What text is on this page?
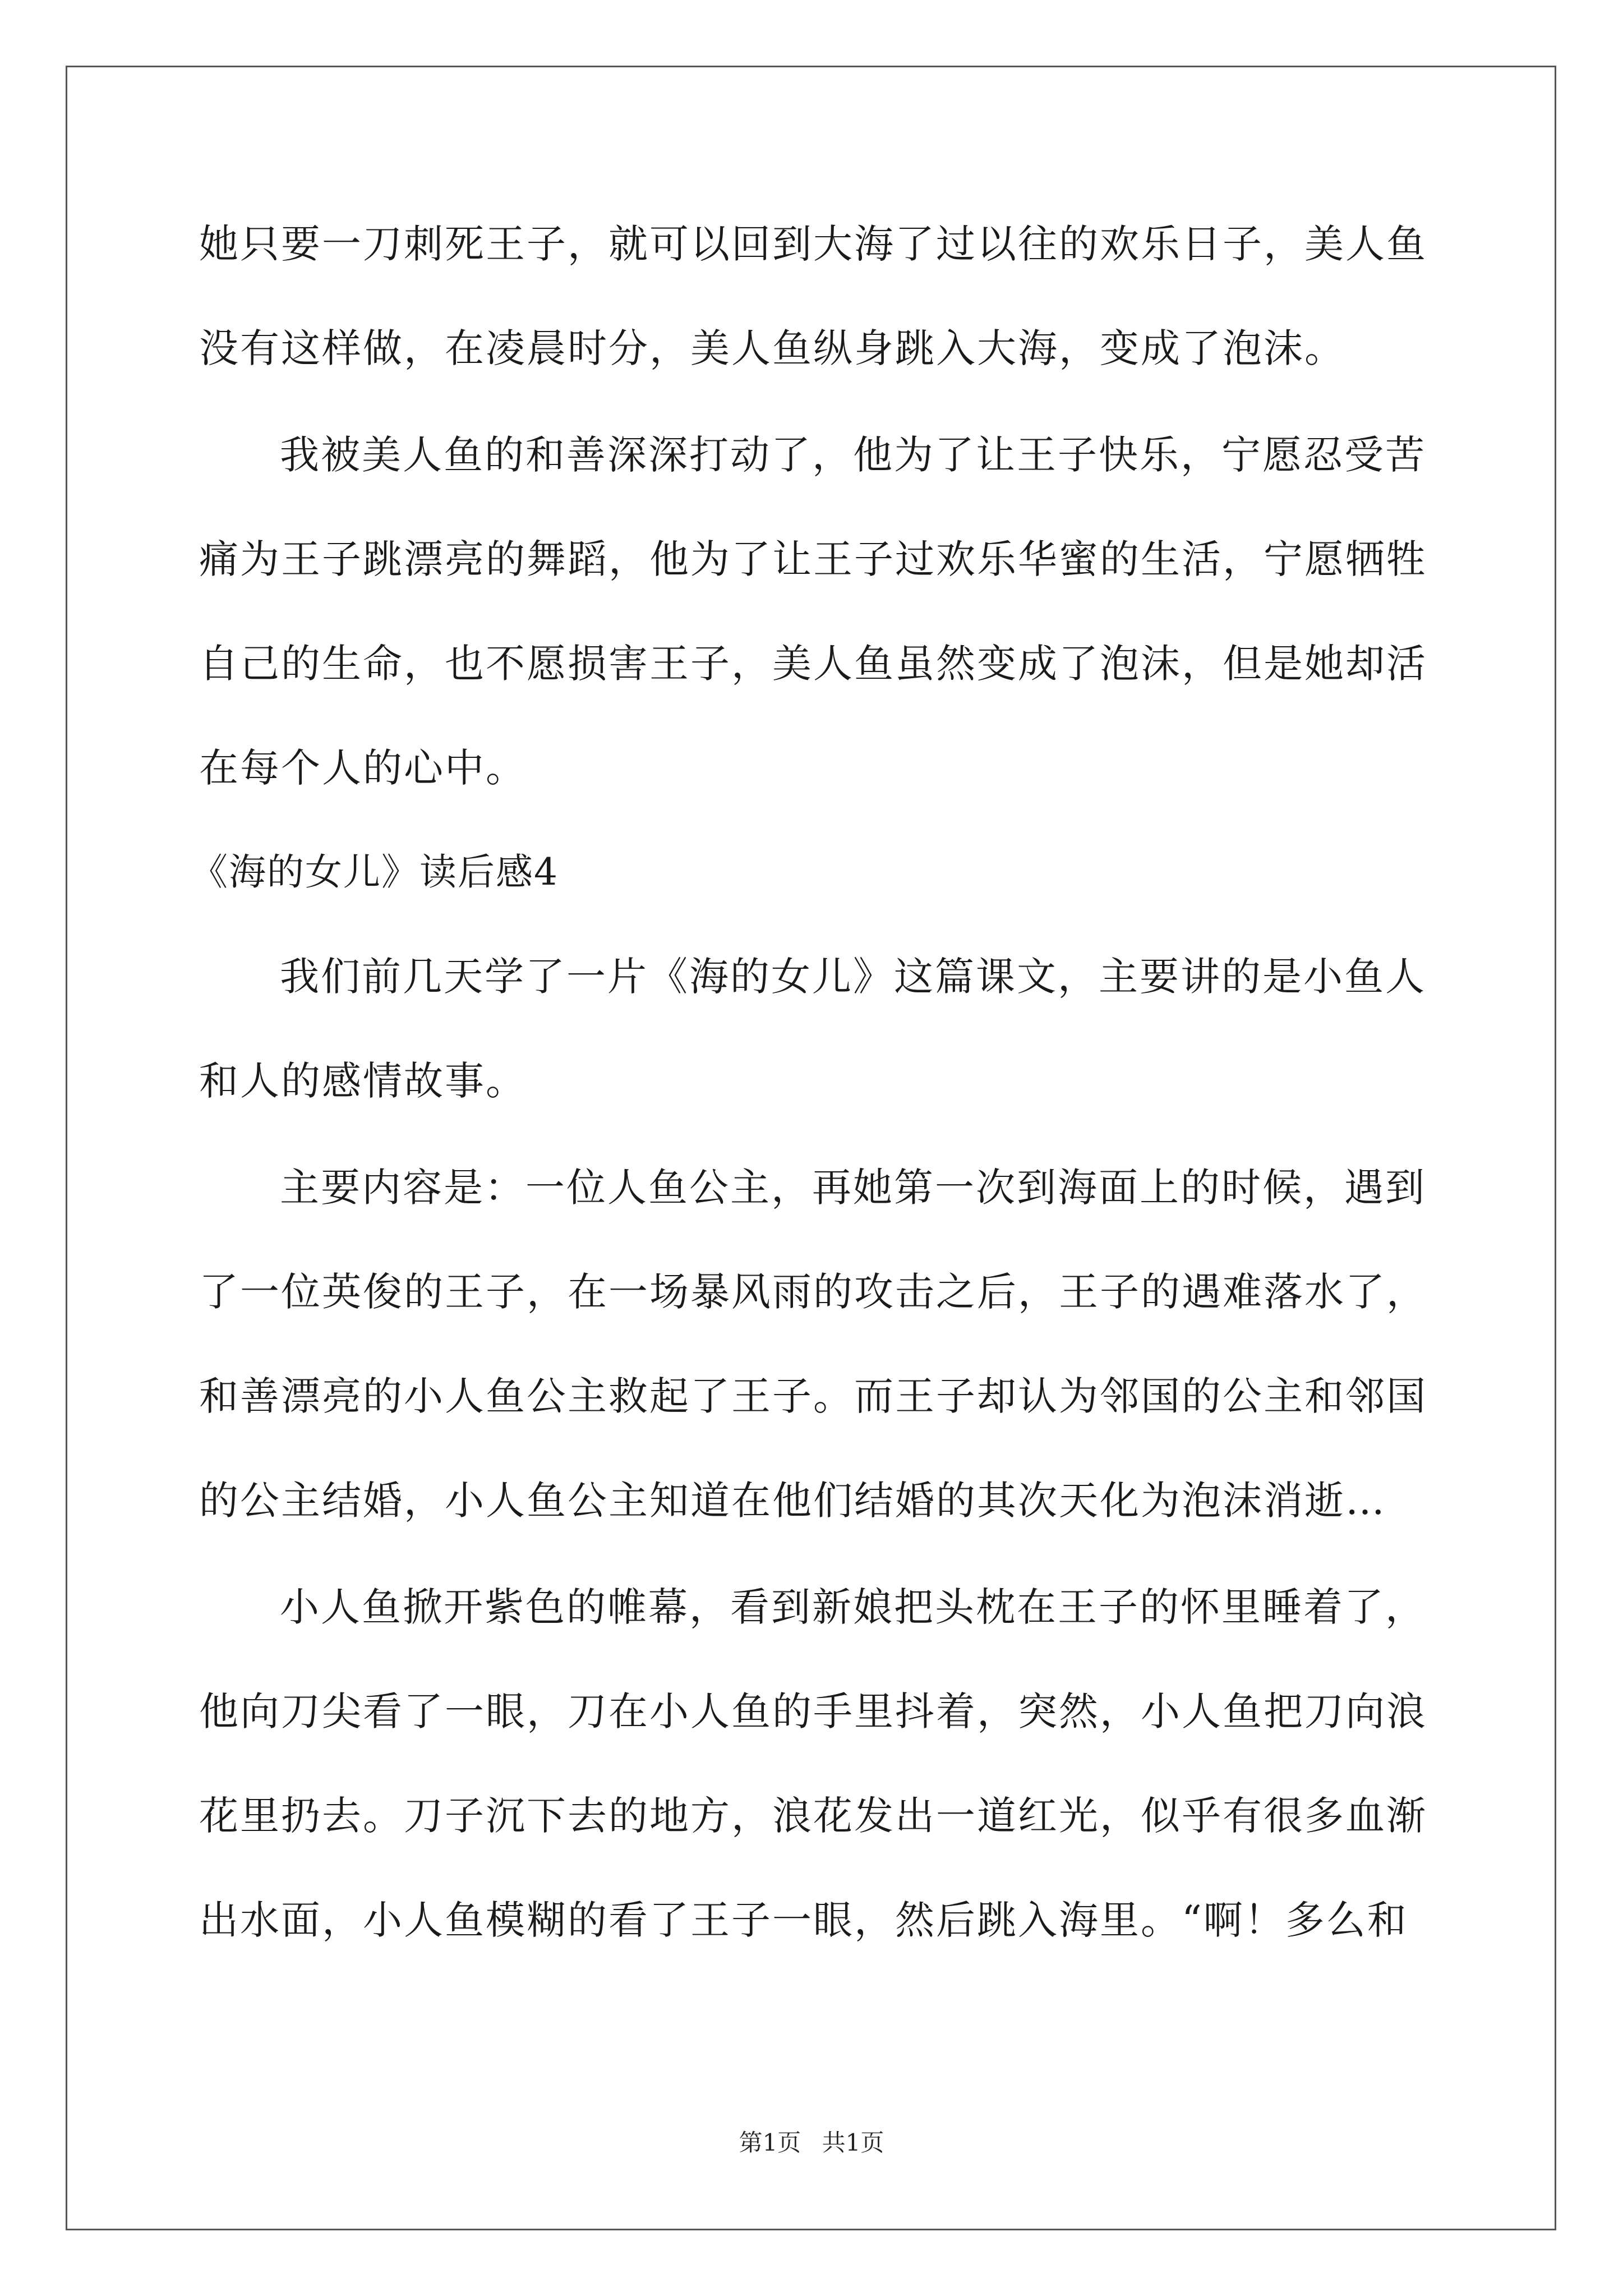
她只要一刀刺死王子，就可以回到大海了过以往的欢乐日子，美人鱼
没有这样做，在凌晨时分，美人鱼纵身跳入大海，变成了泡沫。
我被美人鱼的和善深深打动了，他为了让王子快乐，宁愿忍受苦
痛为王子跳漂亮的舞蹈，他为了让王子过欢乐华蜜的生活，宁愿牺牲
自己的生命，也不愿损害王子，美人鱼虽然变成了泡沫，但是她却活
在每个人的心中。
《海的女儿》读后感4
我们前几天学了一片《海的女儿》这篇课文，主要讲的是小鱼人
和人的感情故事。
主要内容是：一位人鱼公主，再她第一次到海面上的时候，遇到
了一位英俊的王子，在一场暴风雨的攻击之后，王子的遇难落水了，
和善漂亮的小人鱼公主救起了王子。而王子却认为邻国的公主和邻国
的公主结婚，小人鱼公主知道在他们结婚的其次天化为泡沫消逝…
小人鱼掀开紫色的帷幕，看到新娘把头枕在王子的怀里睡着了，
他向刀尖看了一眼，刀在小人鱼的手里抖着，突然，小人鱼把刀向浪
花里扔去。刀子沉下去的地方，浪花发出一道红光，似乎有很多血渐
出水面，小人鱼模糊的看了王子一眼，然后跳入海里。“啊！多么和
第1页 共1页
